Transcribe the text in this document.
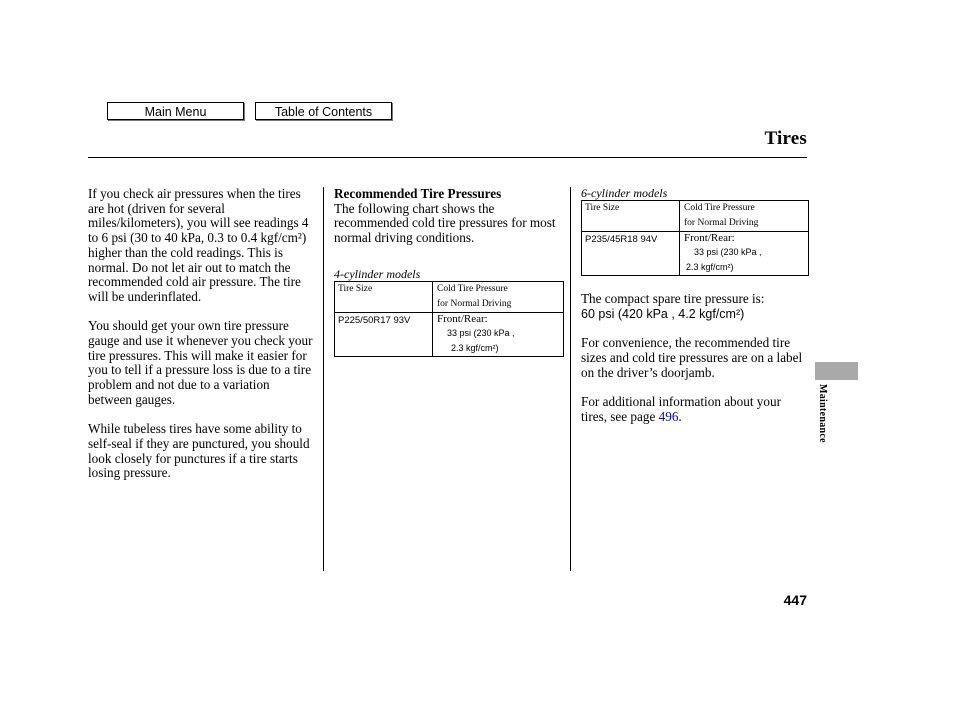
Main Menu	Table of Contents
Tires

If you check air pressures when the tires are hot (driven for several miles/kilometers), you will see readings 4 to 6 psi (30 to 40 kPa, 0.3 to 0.4 kgf/cm²) higher than the cold readings. This is normal. Do not let air out to match the recommended cold air pressure. The tire will be underinflated.

You should get your own tire pressure gauge and use it whenever you check your tire pressures. This will make it easier for you to tell if a pressure loss is due to a tire problem and not due to a variation between gauges.

While tubeless tires have some ability to self-seal if they are punctured, you should look closely for punctures if a tire starts losing pressure.

Recommended Tire Pressures
The following chart shows the recommended cold tire pressures for most normal driving conditions.
4-cylinder models
Tire Size	Cold Tire Pressure
for Normal Driving

P225/50R17 93V	Front/Rear:
33 psi (230 kPa ,
2.3 kgf/cm²)
6-cylinder models
Tire Size	Cold Tire Pressure
for Normal Driving

P235/45R18 94V	Front/Rear:
33 psi (230 kPa ,
2.3 kgf/cm²)
The compact spare tire pressure is:
60 psi (420 kPa , 4.2 kgf/cm²)

For convenience, the recommended tire sizes and cold tire pressures are on a label on the driver’s doorjamb.

For additional information about your tires, see page 496.	Maintenance
447
